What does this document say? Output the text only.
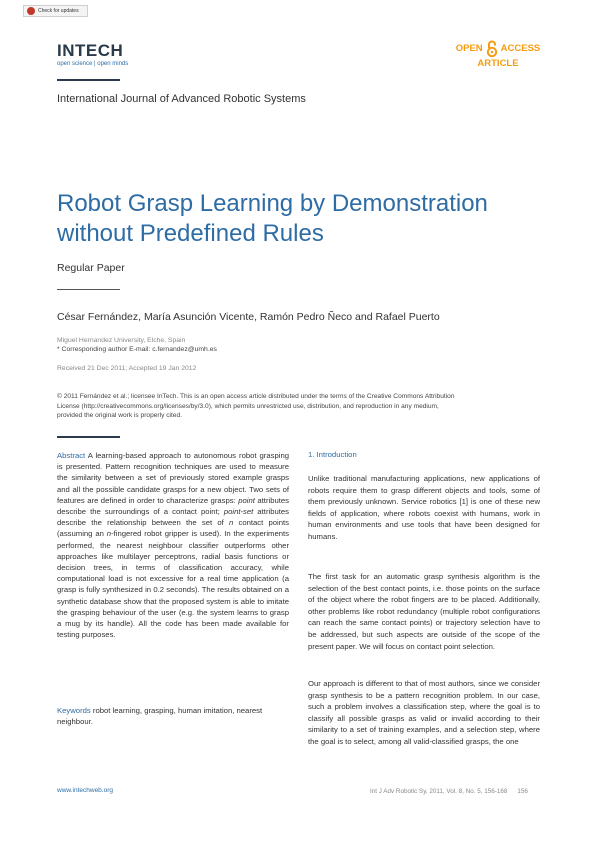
Check for updates
INTECH
open science | open minds
OPEN ACCESS
ARTICLE
International Journal of Advanced Robotic Systems
Robot Grasp Learning by Demonstration
without Predefined Rules
Regular Paper
César Fernández, María Asunción Vicente, Ramón Pedro Ñeco and Rafael Puerto
Miguel Hernandez University, Elche, Spain
* Corresponding author E-mail: c.fernandez@umh.es
Received 21 Dec 2011; Accepted 19 Jan 2012
© 2011 Fernández et al.; licensee InTech. This is an open access article distributed under the terms of the Creative Commons Attribution License (http://creativecommons.org/licenses/by/3.0), which permits unrestricted use, distribution, and reproduction in any medium, provided the original work is properly cited.
Abstract A learning-based approach to autonomous robot grasping is presented. Pattern recognition techniques are used to measure the similarity between a set of previously stored example grasps and all the possible candidate grasps for a new object. Two sets of features are defined in order to characterize grasps: point attributes describe the surroundings of a contact point; point-set attributes describe the relationship between the set of n contact points (assuming an n-fingered robot gripper is used). In the experiments performed, the nearest neighbour classifier outperforms other approaches like multilayer perceptrons, radial basis functions or decision trees, in terms of classification accuracy, while computational load is not excessive for a real time application (a grasp is fully synthesized in 0.2 seconds). The results obtained on a synthetic database show that the proposed system is able to imitate the grasping behaviour of the user (e.g. the system learns to grasp a mug by its handle). All the code has been made available for testing purposes.
Keywords robot learning, grasping, human imitation, nearest neighbour.
1. Introduction

Unlike traditional manufacturing applications, new applications of robots require them to grasp different objects and tools, some of them previously unknown. Service robotics [1] is one of these new fields of application, where robots coexist with humans, work in human environments and use tools that have been designed for humans.

The first task for an automatic grasp synthesis algorithm is the selection of the best contact points, i.e. those points on the surface of the object where the robot fingers are to be placed. Additionally, other problems like robot redundancy (multiple robot configurations can reach the same contact points) or trajectory selection have to be addressed, but such aspects are outside of the scope of the present paper. We will focus on contact point selection.

Our approach is different to that of most authors, since we consider grasp synthesis to be a pattern recognition problem. In our case, such a problem involves a classification step, where the goal is to classify all possible grasps as valid or invalid according to their similarity to a set of training examples, and a selection step, where the goal is to select, among all valid-classified grasps, the one

www.intechweb.org	Int J Adv Robotic Sy, 2011, Vol. 8, No. 5, 156-168 156
